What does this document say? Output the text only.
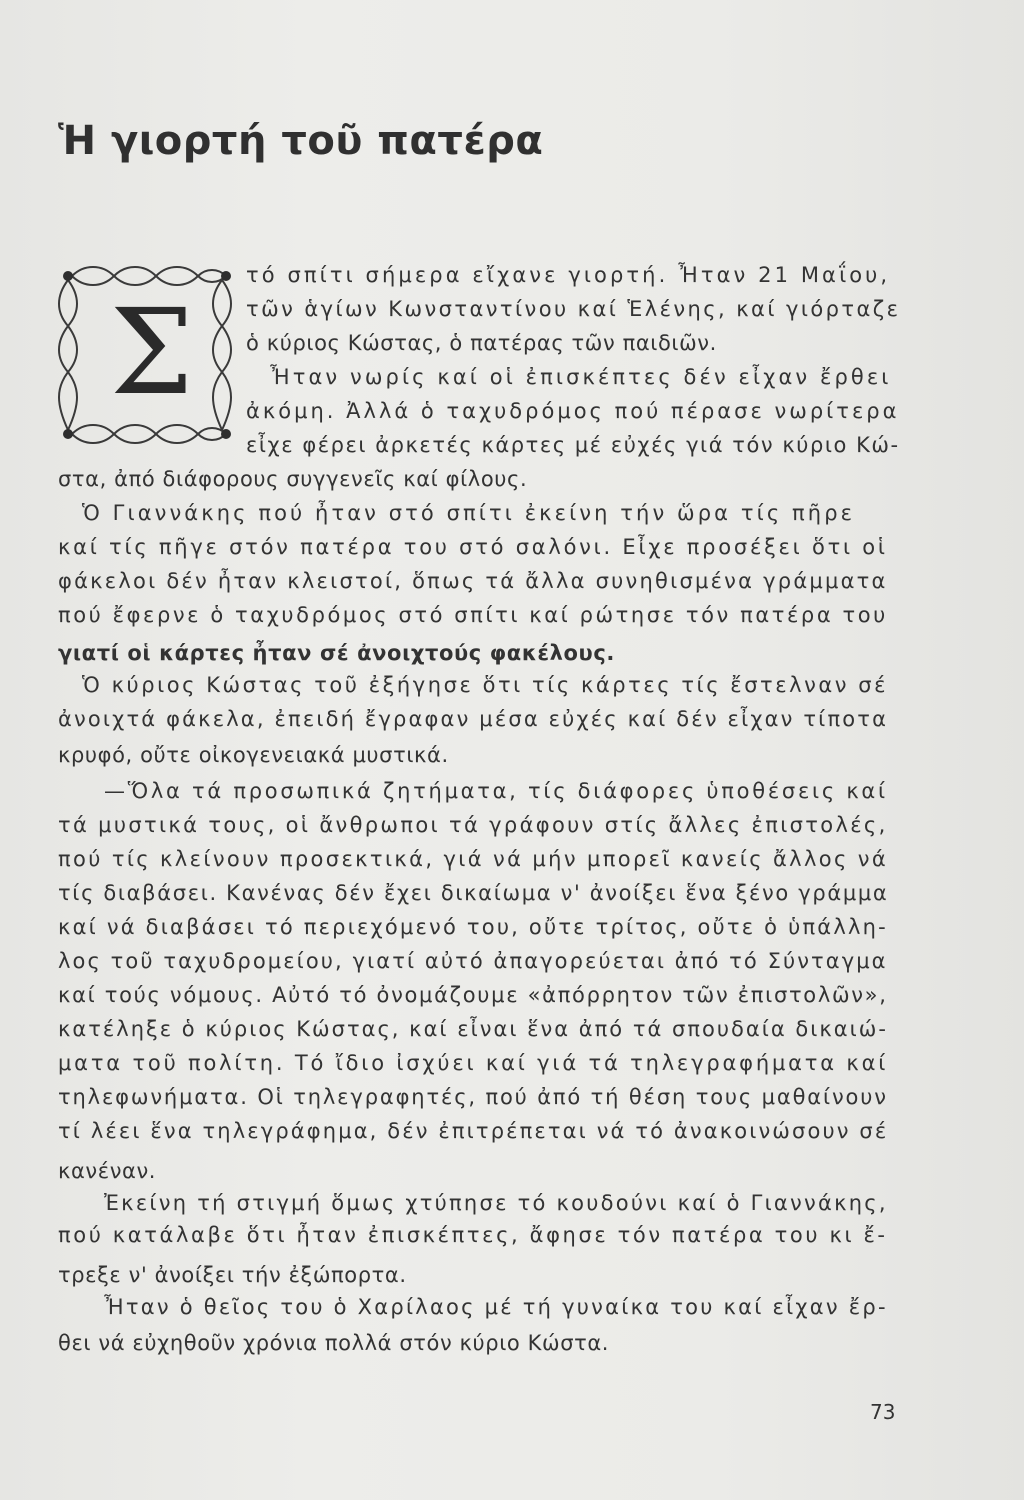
Ἡ γιορτή τοῦ πατέρα
Σ
τό σπίτι σήμερα εἴχανε γιορτή. Ἦταν 21 Μαΐου,
τῶν ἁγίων Κωνσταντίνου καί Ἑλένης, καί γιόρταζε
ὁ κύριος Κώστας, ὁ πατέρας τῶν παιδιῶν.
Ἦταν νωρίς καί οἱ ἐπισκέπτες δέν εἶχαν ἔρθει
ἀκόμη. Ἀλλά ὁ ταχυδρόμος πού πέρασε νωρίτερα
εἶχε φέρει ἀρκετές κάρτες μέ εὐχές γιά τόν κύριο Κώ-
στα, ἀπό διάφορους συγγενεῖς καί φίλους.
Ὁ Γιαννάκης πού ἦταν στό σπίτι ἐκείνη τήν ὥρα τίς πῆρε
καί τίς πῆγε στόν πατέρα του στό σαλόνι. Εἶχε προσέξει ὅτι οἱ
φάκελοι δέν ἦταν κλειστοί, ὅπως τά ἄλλα συνηθισμένα γράμματα
πού ἔφερνε ὁ ταχυδρόμος στό σπίτι καί ρώτησε τόν πατέρα του
γιατί οἱ κάρτες ἦταν σέ ἀνοιχτούς φακέλους.
Ὁ κύριος Κώστας τοῦ ἐξήγησε ὅτι τίς κάρτες τίς ἔστελναν σέ
ἀνοιχτά φάκελα, ἐπειδή ἔγραφαν μέσα εὐχές καί δέν εἶχαν τίποτα
κρυφό, οὔτε οἰκογενειακά μυστικά.
—Ὅλα τά προσωπικά ζητήματα, τίς διάφορες ὑποθέσεις καί
τά μυστικά τους, οἱ ἄνθρωποι τά γράφουν στίς ἄλλες ἐπιστολές,
πού τίς κλείνουν προσεκτικά, γιά νά μήν μπορεῖ κανείς ἄλλος νά
τίς διαβάσει. Κανένας δέν ἔχει δικαίωμα ν' ἀνοίξει ἕνα ξένο γράμμα
καί νά διαβάσει τό περιεχόμενό του, οὔτε τρίτος, οὔτε ὁ ὑπάλλη-
λος τοῦ ταχυδρομείου, γιατί αὐτό ἀπαγορεύεται ἀπό τό Σύνταγμα
καί τούς νόμους. Αὐτό τό ὀνομάζουμε «ἀπόρρητον τῶν ἐπιστολῶν»,
κατέληξε ὁ κύριος Κώστας, καί εἶναι ἕνα ἀπό τά σπουδαία δικαιώ-
ματα τοῦ πολίτη. Τό ἴδιο ἰσχύει καί γιά τά τηλεγραφήματα καί
τηλεφωνήματα. Οἱ τηλεγραφητές, πού ἀπό τή θέση τους μαθαίνουν
τί λέει ἕνα τηλεγράφημα, δέν ἐπιτρέπεται νά τό ἀνακοινώσουν σέ
κανέναν.
Ἐκείνη τή στιγμή ὅμως χτύπησε τό κουδούνι καί ὁ Γιαννάκης,
πού κατάλαβε ὅτι ἦταν ἐπισκέπτες, ἄφησε τόν πατέρα του κι ἔ-
τρεξε ν' ἀνοίξει τήν ἐξώπορτα.
Ἦταν ὁ θεῖος του ὁ Χαρίλαος μέ τή γυναίκα του καί εἶχαν ἔρ-
θει νά εὐχηθοῦν χρόνια πολλά στόν κύριο Κώστα.
73
